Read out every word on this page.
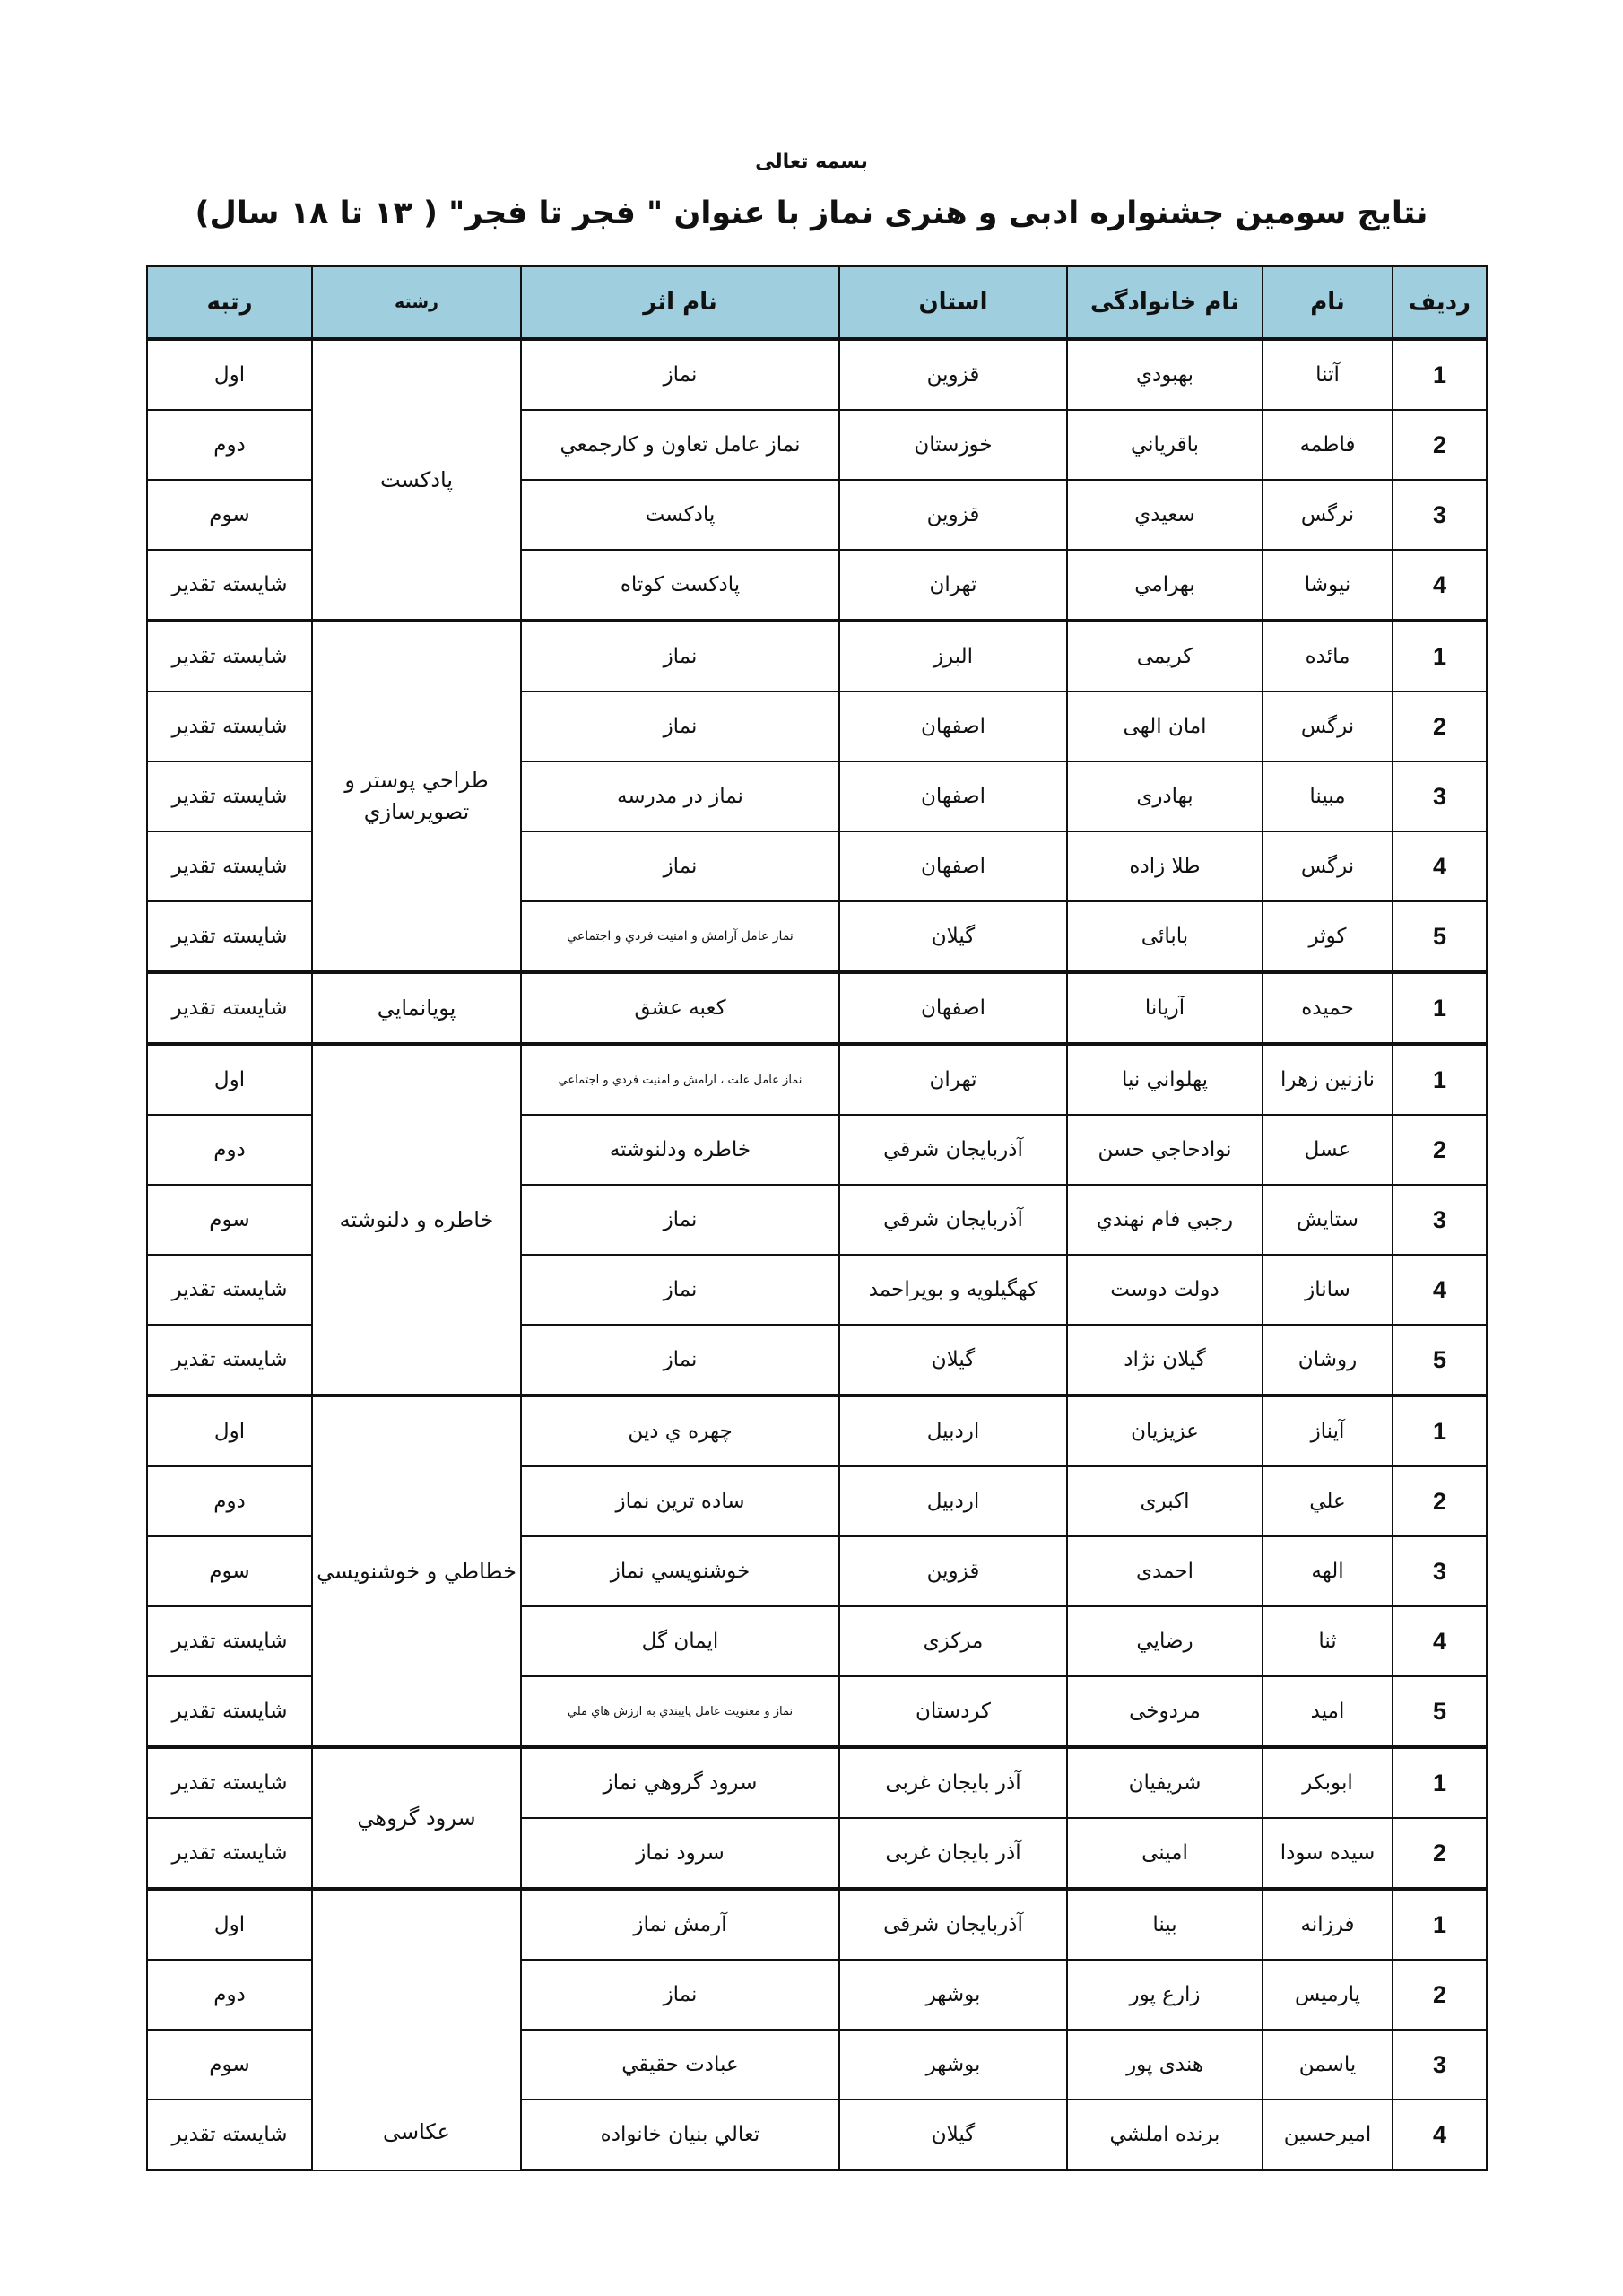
بسمه تعالی
نتايج سومين جشنواره ادبی و هنری نماز با عنوان " فجر تا فجر" ( ۱۳ تا ۱۸ سال)
رديف	نام	نام خانوادگی	استان	نام اثر	رشته	رتبه
1	آتنا	بهبودي	قزوين	نماز	پادکست	اول
2	فاطمه	باقرياني	خوزستان	نماز عامل تعاون و كارجمعي		دوم
3	نرگس	سعيدي	قزوين	پادكست		سوم
4	نيوشا	بهرامي	تهران	پادكست كوتاه		شايسته تقدير
1	مائده	كريمی	البرز	نماز	طراحي پوستر و تصويرسازي	شايسته تقدير
2	نرگس	امان الهی	اصفهان	نماز		شايسته تقدير
3	مبينا	بهادری	اصفهان	نماز در مدرسه		شايسته تقدير
4	نرگس	طلا زاده	اصفهان	نماز		شايسته تقدير
5	كوثر	بابائی	گيلان	نماز عامل آرامش و امنيت فردي و اجتماعي		شايسته تقدير
1	حميده	آريانا	اصفهان	كعبه عشق	پويانمايي	شايسته تقدير
1	نازنين زهرا	پهلواني نيا	تهران	نماز عامل علت ، ارامش و امنيت فردي و اجتماعي	خاطره و دلنوشته	اول
2	عسل	نوادحاجي حسن	آذربايجان شرقي	خاطره ودلنوشته		دوم
3	ستايش	رجبي فام نهندي	آذربايجان شرقي	نماز		سوم
4	ساناز	دولت دوست	كهگيلويه و بويراحمد	نماز		شايسته تقدير
5	روشان	گيلان نژاد	گيلان	نماز		شايسته تقدير
1	آيناز	عزيزيان	اردبيل	چهره ي دين	خطاطي و خوشنويسي	اول
2	علي	اكبری	اردبيل	ساده ترين نماز		دوم
3	الهه	احمدی	قزوين	خوشنويسي نماز		سوم
4	ثنا	رضايي	مركزی	ايمان گل		شايسته تقدير
5	اميد	مردوخی	كردستان	نماز و معنويت عامل پايبندي به ارزش هاي ملي		شايسته تقدير
1	ابوبكر	شريفيان	آذر بايجان غربی	سرود گروهي نماز	سرود گروهي	شايسته تقدير
2	سيده سودا	امينی	آذر بايجان غربی	سرود نماز		شايسته تقدير
1	فرزانه	بينا	آذربايجان شرقی	آرمش نماز	عكاسی	اول
2	پارميس	زارع پور	بوشهر	نماز		دوم
3	ياسمن	هندی پور	بوشهر	عبادت حقيقي		سوم
4	اميرحسين	برنده املشي	گيلان	تعالي بنيان خانواده		شايسته تقدير
